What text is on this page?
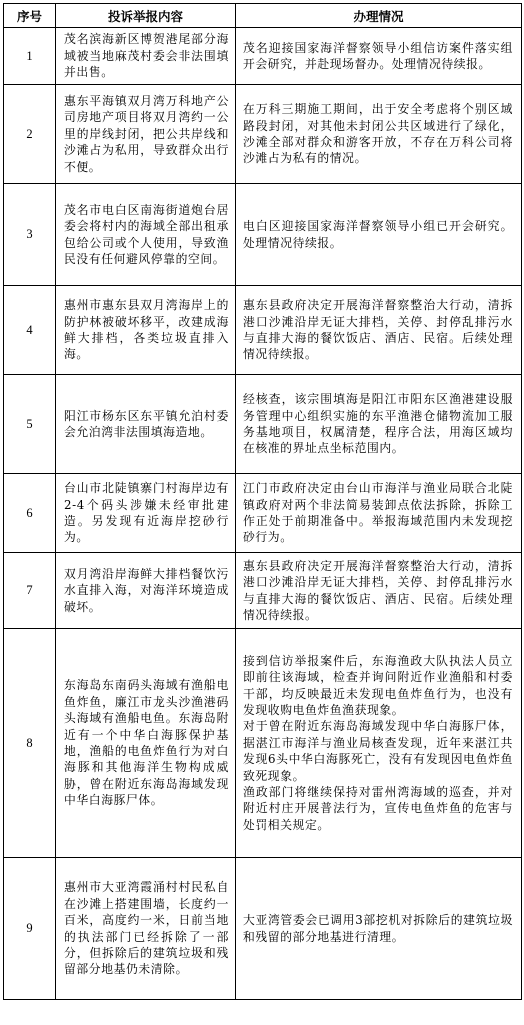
序号	投诉举报内容	办理情况
1	茂名滨海新区博贺港尾部分海域被当地麻茂村委会非法围填并出售。	茂名迎接国家海洋督察领导小组信访案件落实组开会研究，并赴现场督办。处理情况待续报。

2	惠东平海镇双月湾万科地产公司房地产项目将双月湾约一公里的岸线封闭，把公共岸线和沙滩占为私用，导致群众出行不便。	在万科三期施工期间，出于安全考虑将个别区域路段封闭，对其他未封闭公共区域进行了绿化，沙滩全部对群众和游客开放，不存在万科公司将沙滩占为私有的情况。

3	茂名市电白区南海街道炮台居委会将村内的海域全部出租承包给公司或个人使用，导致渔民没有任何避风停靠的空间。	电白区迎接国家海洋督察领导小组已开会研究。处理情况待续报。

4	惠州市惠东县双月湾海岸上的防护林被破坏移平，改建成海鲜大排档，各类垃圾直排入海。	惠东县政府决定开展海洋督察整治大行动，清拆港口沙滩沿岸无证大排档，关停、封停乱排污水与直排大海的餐饮饭店、酒店、民宿。后续处理情况待续报。

5	阳江市杨东区东平镇允泊村委会允泊湾非法围填海造地。	经核查，该宗围填海是阳江市阳东区渔港建设服务管理中心组织实施的东平渔港仓储物流加工服务基地项目，权属清楚，程序合法，用海区域均在核准的界址点坐标范围内。

6	台山市北陡镇寨门村海岸边有2-4个码头涉嫌未经审批建造。另发现有近海岸挖砂行为。	江门市政府决定由台山市海洋与渔业局联合北陡镇政府对两个非法简易装卸点依法拆除，拆除工作正处于前期准备中。举报海域范围内未发现挖砂行为。

7	双月湾沿岸海鲜大排档餐饮污水直排入海，对海洋环境造成破坏。	惠东县政府决定开展海洋督察整治大行动，清拆港口沙滩沿岸无证大排档，关停、封停乱排污水与直排大海的餐饮饭店、酒店、民宿。后续处理情况待续报。

8	东海岛东南码头海域有渔船电鱼炸鱼，廉江市龙头沙渔港码头海域有渔船电鱼。东海岛附近有一个中华白海豚保护基地，渔船的电鱼炸鱼行为对白海豚和其他海洋生物构成威胁，曾在附近东海岛海域发现中华白海豚尸体。	接到信访举报案件后，东海渔政大队执法人员立即前往该海域，检查并询问附近作业渔船和村委干部，均反映最近未发现电鱼炸鱼行为，也没有发现收购电鱼炸鱼渔获现象。
对于曾在附近东海岛海域发现中华白海豚尸体，据湛江市海洋与渔业局核查发现，近年来湛江共发现6头中华白海豚死亡，没有有发现因电鱼炸鱼致死现象。
渔政部门将继续保持对雷州湾海域的巡查，并对附近村庄开展普法行为，宣传电鱼炸鱼的危害与处罚相关规定。

9	惠州市大亚湾霞涌村村民私自在沙滩上搭建围墙，长度约一百米，高度约一米，日前当地的执法部门已经拆除了一部分，但拆除后的建筑垃圾和残留部分地基仍未清除。	大亚湾管委会已调用3部挖机对拆除后的建筑垃圾和残留的部分地基进行清理。
